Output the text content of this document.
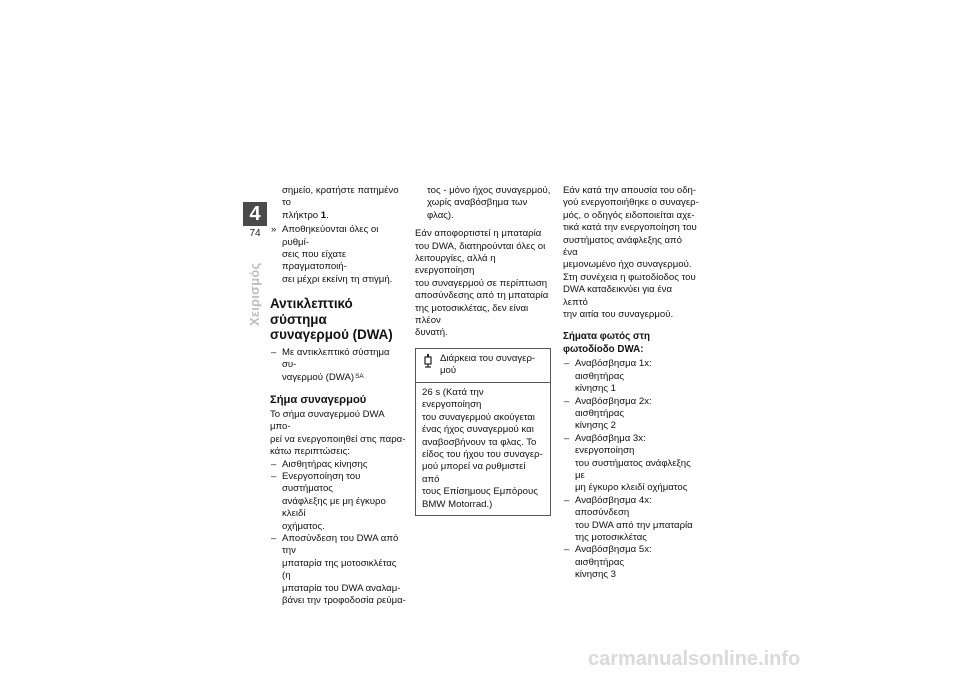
4
74
Χειρισμός

σημείο, κρατήστε πατημένο το
πλήκτρο 1.

» Αποθηκεύονται όλες οι ρυθμί-
σεις που είχατε πραγματοποιή-
σει μέχρι εκείνη τη στιγμή.
Αντικλεπτικό σύστημα
συναγερμού (DWA)
– Με αντικλεπτικό σύστημα συ-
ναγερμού (DWA)$^{SA}$
Σήμα συναγερμού

Το σήμα συναγερμού DWA μπο-
ρεί να ενεργοποιηθεί στις παρα-
κάτω περιπτώσεις:

– Αισθητήρας κίνησης
– Ενεργοποίηση του συστήματος
ανάφλεξης με μη έγκυρο κλειδί
οχήματος.
– Αποσύνδεση του DWA από την
μπαταρία της μοτοσικλέτας (η
μπαταρία του DWA αναλαμ-
βάνει την τροφοδοσία ρεύμα-

τος - μόνο ήχος συναγερμού,
χωρίς αναβόσβημα των φλας).

Εάν αποφορτιστεί η μπαταρία
του DWA, διατηρούνται όλες οι
λειτουργίες, αλλά η ενεργοποίηση
του συναγερμού σε περίπτωση
αποσύνδεσης από τη μπαταρία
της μοτοσικλέτας, δεν είναι πλέον
δυνατή.

Διάρκεια του συναγερ-
μού
26 s (Κατά την ενεργοποίηση
του συναγερμού ακούγεται
ένας ήχος συναγερμού και
αναβοσβήνουν τα φλας. Το
είδος του ήχου του συναγερ-
μού μπορεί να ρυθμιστεί από
τους Επίσημους Εμπόρους
BMW Motorrad.)

Εάν κατά την απουσία του οδη-
γού ενεργοποιήθηκε ο συναγερ-
μός, ο οδηγός ειδοποιείται αχε-
τικά κατά την ενεργοποίηση του
συστήματος ανάφλεξης από ένα
μεμονωμένο ήχο συναγερμού.
Στη συνέχεια η φωτοδίοδος του
DWA καταδεικνύει για ένα λεπτό
την αιτία του συναγερμού.

Σήματα φωτός στη
φωτοδίοδο DWA:
– Αναβόσβησμα 1x: αισθητήρας
κίνησης 1
– Αναβόσβησμα 2x: αισθητήρας
κίνησης 2
– Αναβόσβημα 3x: ενεργοποίηση
του συστήματος ανάφλεξης με
μη έγκυρο κλειδί οχήματος
– Αναβόσβησμα 4x: αποσύνδεση
του DWA από την μπαταρία
της μοτοσικλέτας
– Αναβόσβησμα 5x: αισθητήρας
κίνησης 3
carmanualsonline.info
